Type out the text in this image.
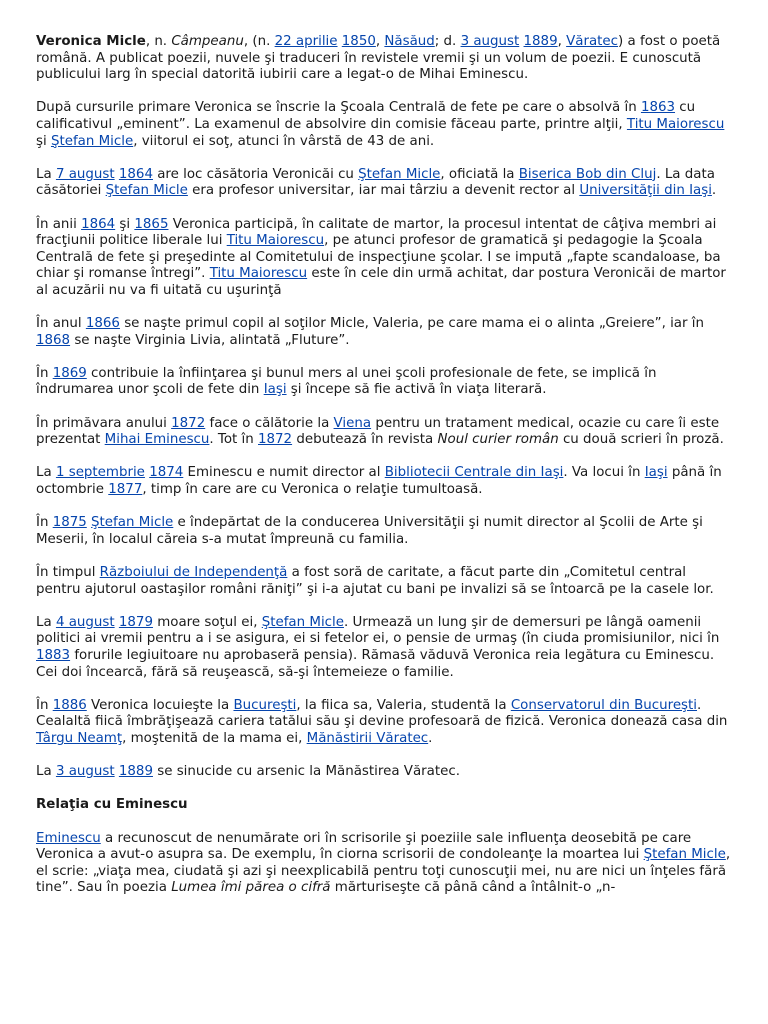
Veronica Micle, n. Câmpeanu, (n. 22 aprilie 1850, Năsăud; d. 3 august 1889, Văratec) a fost o poetă română. A publicat poezii, nuvele şi traduceri în revistele vremii şi un volum de poezii. E cunoscută publicului larg în special datorită iubirii care a legat-o de Mihai Eminescu.

După cursurile primare Veronica se înscrie la Şcoala Centrală de fete pe care o absolvă în 1863 cu calificativul „eminent”. La examenul de absolvire din comisie făceau parte, printre alţii, Titu Maiorescu şi Ştefan Micle, viitorul ei soţ, atunci în vârstă de 43 de ani.

La 7 august 1864 are loc căsătoria Veronicăi cu Ştefan Micle, oficiată la Biserica Bob din Cluj. La data căsătoriei Ştefan Micle era profesor universitar, iar mai târziu a devenit rector al Universităţii din Iaşi.

În anii 1864 şi 1865 Veronica participă, în calitate de martor, la procesul intentat de câţiva membri ai fracţiunii politice liberale lui Titu Maiorescu, pe atunci profesor de gramatică şi pedagogie la Şcoala Centrală de fete şi preşedinte al Comitetului de inspecţiune şcolar. I se impută „fapte scandaloase, ba chiar şi romanse întregi”. Titu Maiorescu este în cele din urmă achitat, dar postura Veronicăi de martor al acuzării nu va fi uitată cu uşurinţă

În anul 1866 se naşte primul copil al soţilor Micle, Valeria, pe care mama ei o alinta „Greiere”, iar în 1868 se naşte Virginia Livia, alintată „Fluture”.

În 1869 contribuie la înfiinţarea şi bunul mers al unei şcoli profesionale de fete, se implică în îndrumarea unor şcoli de fete din Iaşi şi începe să fie activă în viaţa literară.

În primăvara anului 1872 face o călătorie la Viena pentru un tratament medical, ocazie cu care îi este prezentat Mihai Eminescu. Tot în 1872 debutează în revista Noul curier român cu două scrieri în proză.

La 1 septembrie 1874 Eminescu e numit director al Bibliotecii Centrale din Iaşi. Va locui în Iaşi până în octombrie 1877, timp în care are cu Veronica o relaţie tumultoasă.

În 1875 Ştefan Micle e îndepărtat de la conducerea Universităţii şi numit director al Şcolii de Arte şi Meserii, în localul căreia s-a mutat împreună cu familia.

În timpul Războiului de Independenţă a fost soră de caritate, a făcut parte din „Comitetul central pentru ajutorul oastaşilor români răniţi” şi i-a ajutat cu bani pe invalizi să se întoarcă pe la casele lor.

La 4 august 1879 moare soţul ei, Ştefan Micle. Urmează un lung şir de demersuri pe lângă oamenii politici ai vremii pentru a i se asigura, ei si fetelor ei, o pensie de urmaş (în ciuda promisiunilor, nici în 1883 forurile legiuitoare nu aprobaseră pensia). Rămasă văduvă Veronica reia legătura cu Eminescu. Cei doi încearcă, fără să reuşească, să-şi întemeieze o familie.

În 1886 Veronica locuieşte la Bucureşti, la fiica sa, Valeria, studentă la Conservatorul din Bucureşti. Cealaltă fiică îmbrăţişează cariera tatălui său şi devine profesoară de fizică. Veronica donează casa din Târgu Neamţ, moştenită de la mama ei, Mănăstirii Văratec.

La 3 august 1889 se sinucide cu arsenic la Mănăstirea Văratec.

Relaţia cu Eminescu

Eminescu a recunoscut de nenumărate ori în scrisorile şi poeziile sale influenţa deosebită pe care Veronica a avut-o asupra sa. De exemplu, în ciorna scrisorii de condoleanţe la moartea lui Ştefan Micle, el scrie: „viaţa mea, ciudată şi azi şi neexplicabilă pentru toţi cunoscuţii mei, nu are nici un înţeles fără tine”. Sau în poezia Lumea îmi părea o cifră mărturiseşte că până când a întâlnit-o „n-
